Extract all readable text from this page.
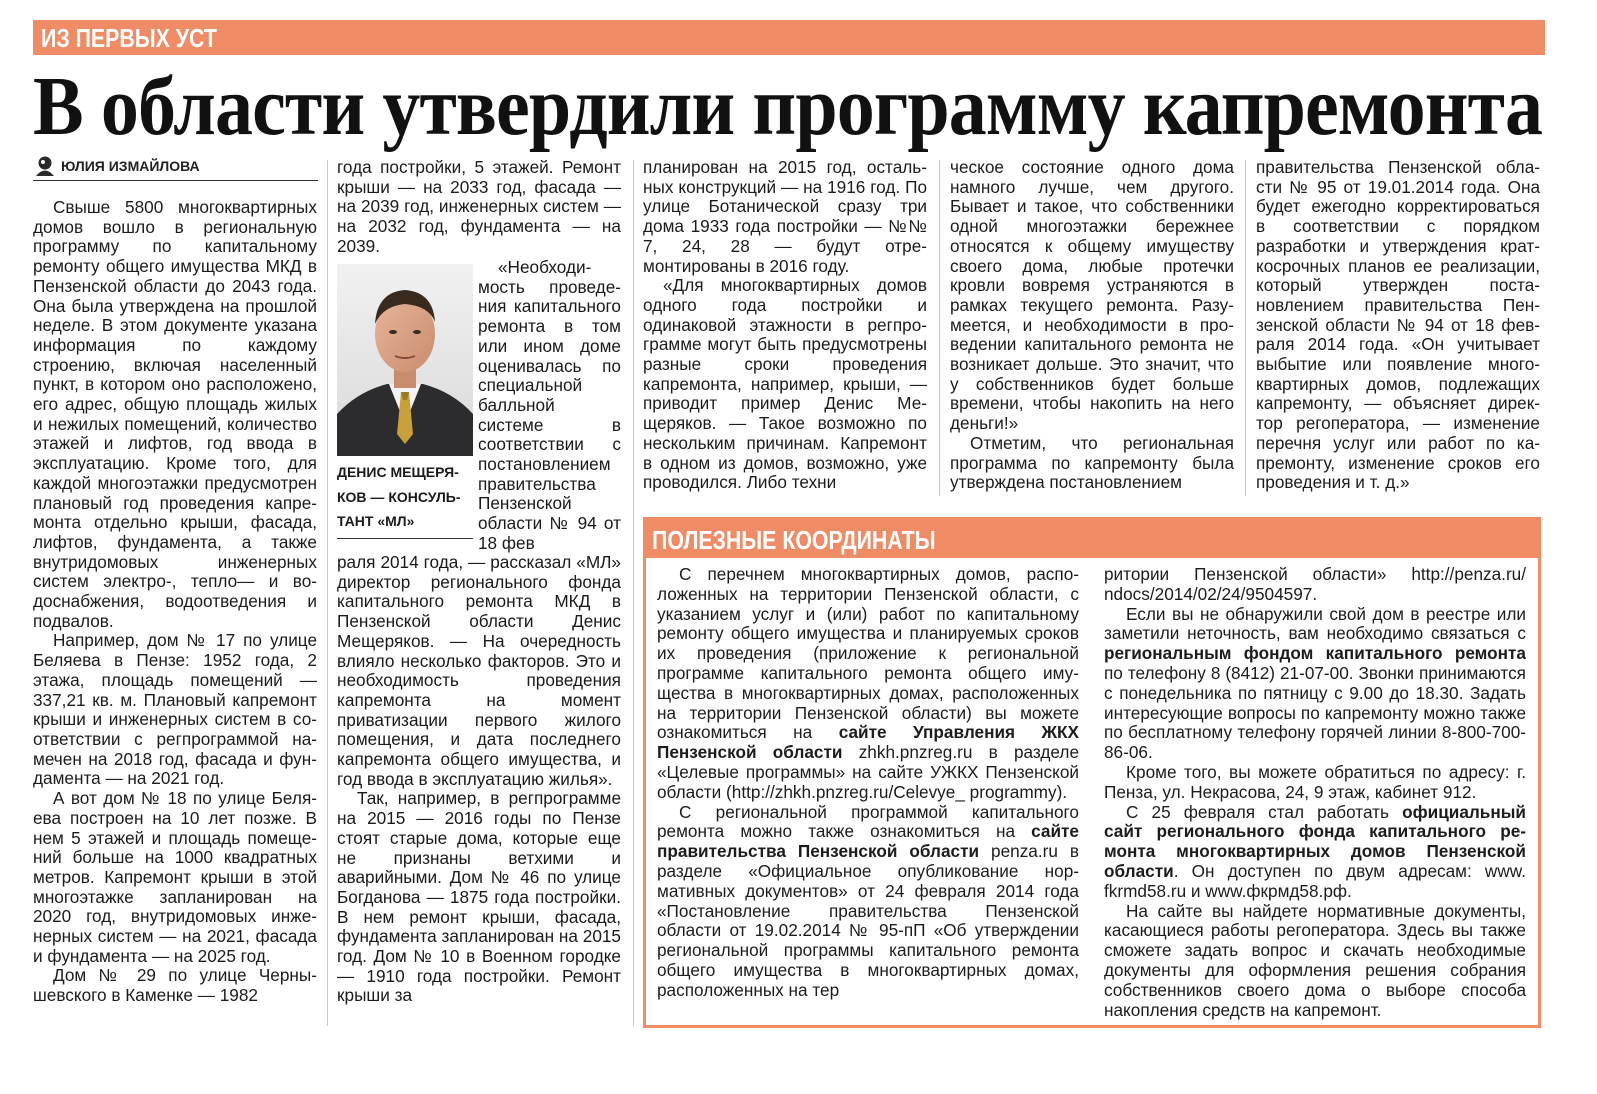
ИЗ ПЕРВЫХ УСТ
В области утвердили программу капремонта
ЮЛИЯ ИЗМАЙЛОВА

Свыше 5800 многоквартирных домов вошло в региональную программу по капитальному ремонту общего имущества МКД в Пензенской области до 2043 года. Она была утверждена на прошлой неделе. В этом документе указана информация по каждому строению, включая населенный пункт, в котором оно расположено, его адрес, общую площадь жилых и нежилых помещений, количество этажей и лифтов, год ввода в эксплуатацию. Кроме того, для каждой многоэтажки предусмотрен плановый год проведения капремонта отдельно крыши, фасада, лифтов, фундамента, а также внутридомовых инженерных систем электро-, тепло— и водоснабжения, водоотведения и подвалов.

Например, дом № 17 по улице Беляева в Пензе: 1952 года, 2 этажа, площадь помещений — 337,21 кв. м. Плановый капремонт крыши и инженерных систем в соответствии с регпрограммой намечен на 2018 год, фасада и фундамента — на 2021 год.

А вот дом № 18 по улице Беляева построен на 10 лет позже. В нем 5 этажей и площадь помещений больше на 1000 квадратных метров. Капремонт крыши в этой многоэтажке запланирован на 2020 год, внутридомовых инженерных систем — на 2021, фасада и фундамента — на 2025 год.

Дом № 29 по улице Чернышевского в Каменке — 1982

года постройки, 5 этажей. Ремонт крыши — на 2033 год, фасада — на 2039 год, инженерных систем — на 2032 год, фундамента — на 2039.

ДЕНИС МЕЩЕРЯКОВ — КОНСУЛЬТАНТ «МЛ»

«Необходимость проведения капитального ремонта в том или ином доме оценивалась по специальной балльной системе в соответствии с постановлением правительства Пензенской области № 94 от 18 фев

раля 2014 года, — рассказал «МЛ» директор регионального фонда капитального ремонта МКД в Пензенской области Денис Мещеряков. — На очередность влияло несколько факторов. Это и необходимость проведения капремонта на момент приватизации первого жилого помещения, и дата последнего капремонта общего имущества, и год ввода в эксплуатацию жилья».

Так, например, в регпрограмме на 2015 — 2016 годы по Пензе стоят старые дома, которые еще не признаны ветхими и аварийными. Дом № 46 по улице Богданова — 1875 года постройки. В нем ремонт крыши, фасада, фундамента запланирован на 2015 год. Дом № 10 в Военном городке — 1910 года постройки. Ремонт крыши за

планирован на 2015 год, остальных конструкций — на 1916 год. По улице Ботанической сразу три дома 1933 года постройки — №№ 7, 24, 28 — будут отремонтированы в 2016 году.

«Для многоквартирных домов одного года постройки и одинаковой этажности в регпрограмме могут быть предусмотрены разные сроки проведения капремонта, например, крыши, — приводит пример Денис Мещеряков. — Такое возможно по нескольким причинам. Капремонт в одном из домов, возможно, уже проводился. Либо техни

ческое состояние одного дома намного лучше, чем другого. Бывает и такое, что собственники одной многоэтажки бережнее относятся к общему имуществу своего дома, любые протечки кровли вовремя устраняются в рамках текущего ремонта. Разумеется, и необходимости в проведении капитального ремонта не возникает дольше. Это значит, что у собственников будет больше времени, чтобы накопить на него деньги!»

Отметим, что региональная программа по капремонту была утверждена постановлением

правительства Пензенской области № 95 от 19.01.2014 года. Она будет ежегодно корректироваться в соответствии с порядком разработки и утверждения краткосрочных планов ее реализации, который утвержден постановлением правительства Пензенской области № 94 от 18 февраля 2014 года. «Он учитывает выбытие или появление многоквартирных домов, подлежащих капремонту, — объясняет директор регоператора, — изменение перечня услуг или работ по капремонту, изменение сроков его проведения и т. д.»

ПОЛЕЗНЫЕ КООРДИНАТЫ

С перечнем многоквартирных домов, расположенных на территории Пензенской области, с указанием услуг и (или) работ по капитальному ремонту общего имущества и планируемых сроков их проведения (приложение к региональной программе капитального ремонта общего имущества в многоквартирных домах, расположенных на территории Пензенской области) вы можете ознакомиться на сайте Управления ЖКХ Пензенской области zhkh.pnzreg.ru в разделе «Целевые программы» на сайте УЖКХ Пензенской области (http://zhkh.pnzreg.ru/Celevye_ programmy).

С региональной программой капитального ремонта можно также ознакомиться на сайте правительства Пензенской области penza.ru в разделе «Официальное опубликование нормативных документов» от 24 февраля 2014 года «Постановление правительства Пензенской области от 19.02.2014 № 95-пП «Об утверждении региональной программы капитального ремонта общего имущества в многоквартирных домах, расположенных на тер

ритории Пензенской области» http://penza.ru/ ndocs/2014/02/24/9504597.

Если вы не обнаружили свой дом в реестре или заметили неточность, вам необходимо связаться с региональным фондом капитального ремонта по телефону 8 (8412) 21-07-00. Звонки принимаются с понедельника по пятницу с 9.00 до 18.30. Задать интересующие вопросы по капремонту можно также по бесплатному телефону горячей линии 8-800-700-86-06.

Кроме того, вы можете обратиться по адресу: г. Пенза, ул. Некрасова, 24, 9 этаж, кабинет 912.

С 25 февраля стал работать официальный сайт регионального фонда капитального ремонта многоквартирных домов Пензенской области. Он доступен по двум адресам: www. fkrmd58.ru и www.фкрмд58.рф.

На сайте вы найдете нормативные документы, касающиеся работы регоператора. Здесь вы также сможете задать вопрос и скачать необходимые документы для оформления решения собрания собственников своего дома о выборе способа накопления средств на капремонт.
